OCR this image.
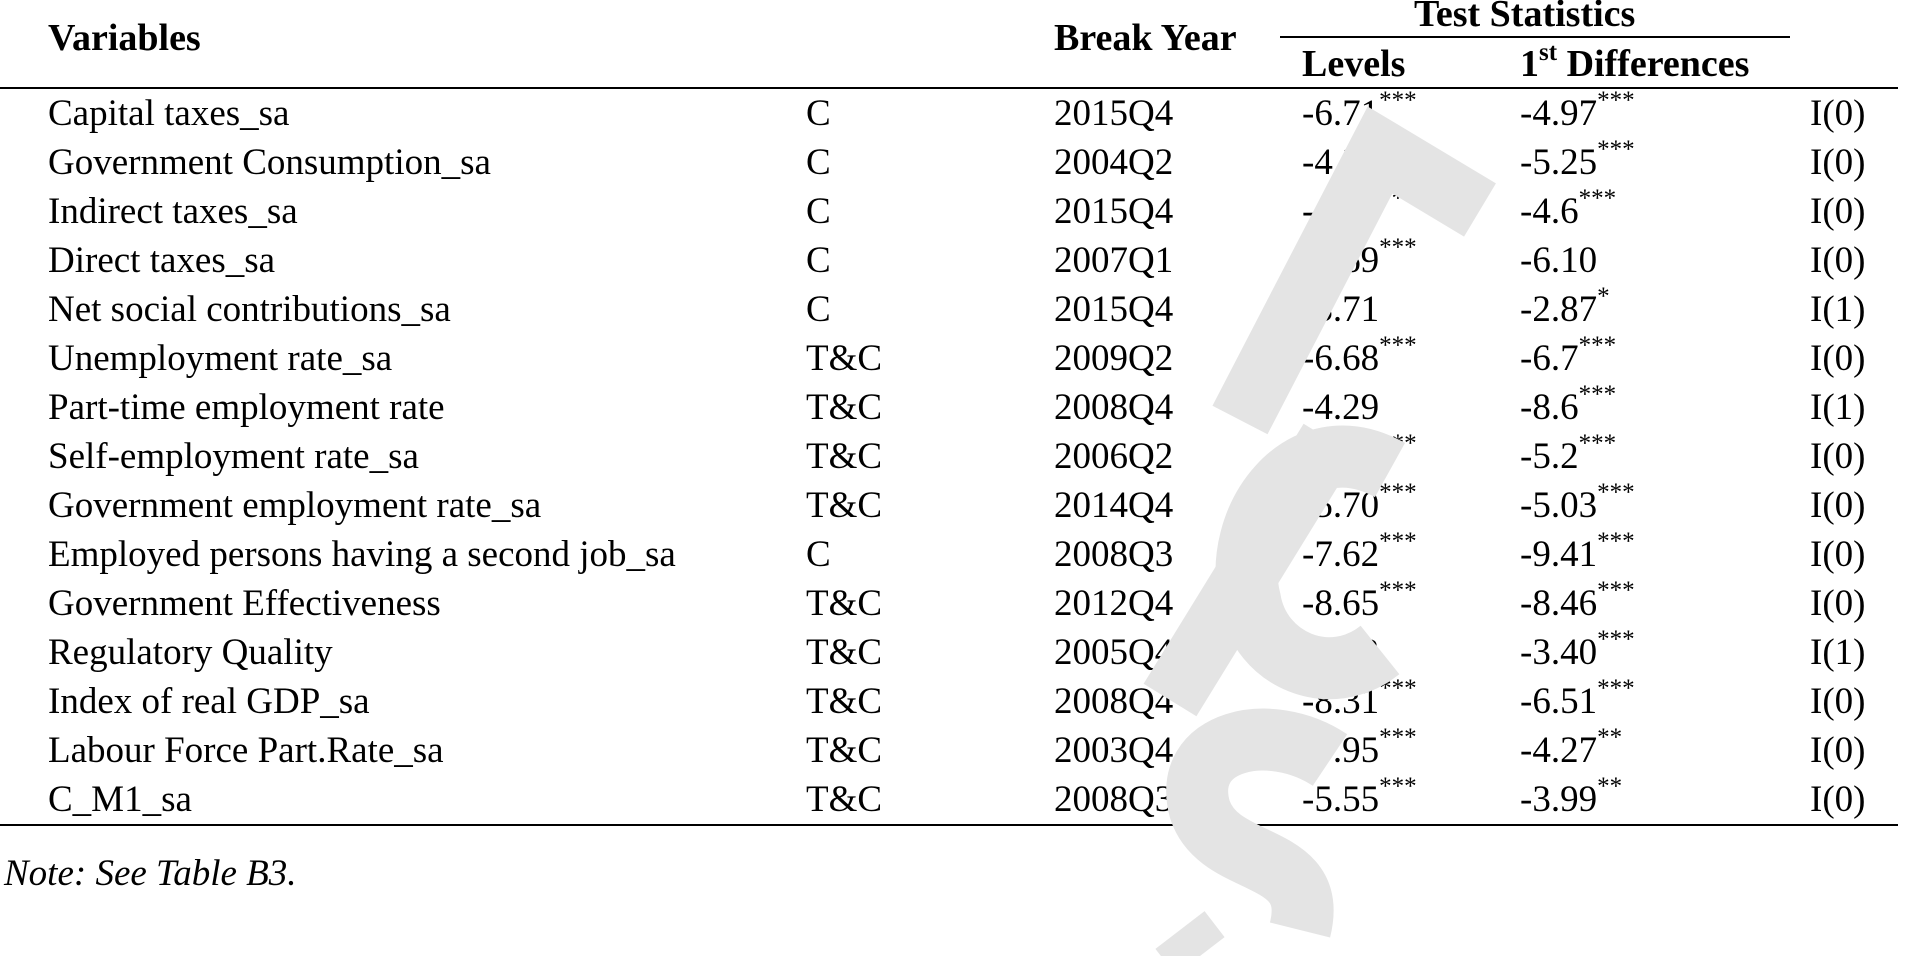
Variables	Break Year
Test Statistics
Levels	1st Differences
Capital taxes_sa	C	2015Q4	-6.71***	-4.97***	I(0)
Government Consumption_sa	C	2004Q2	-4.30*	-5.25***	I(0)
Indirect taxes_sa	C	2015Q4	-4.79**	-4.6***	I(0)
Direct taxes_sa	C	2007Q1	-5.69***	-6.10	I(0)
Net social contributions_sa	C	2015Q4	-3.71	-2.87*	I(1)
Unemployment rate_sa	T&C	2009Q2	-6.68***	-6.7***	I(0)
Part-time employment rate	T&C	2008Q4	-4.29	-8.6***	I(1)
Self-employment rate_sa	T&C	2006Q2	-7.23***	-5.2***	I(0)
Government employment rate_sa	T&C	2014Q4	-5.70***	-5.03***	I(0)
Employed persons having a second job_sa	C	2008Q3	-7.62***	-9.41***	I(0)
Government Effectiveness	T&C	2012Q4	-8.65***	-8.46***	I(0)
Regulatory Quality	T&C	2005Q4	-4.22	-3.40***	I(1)
Index of real GDP_sa	T&C	2008Q4	-8.31***	-6.51***	I(0)
Labour Force Part.Rate_sa	T&C	2003Q4	-5.95***	-4.27**	I(0)
C_M1_sa	T&C	2008Q3	-5.55***	-3.99**	I(0)
Note: See Table B3.
